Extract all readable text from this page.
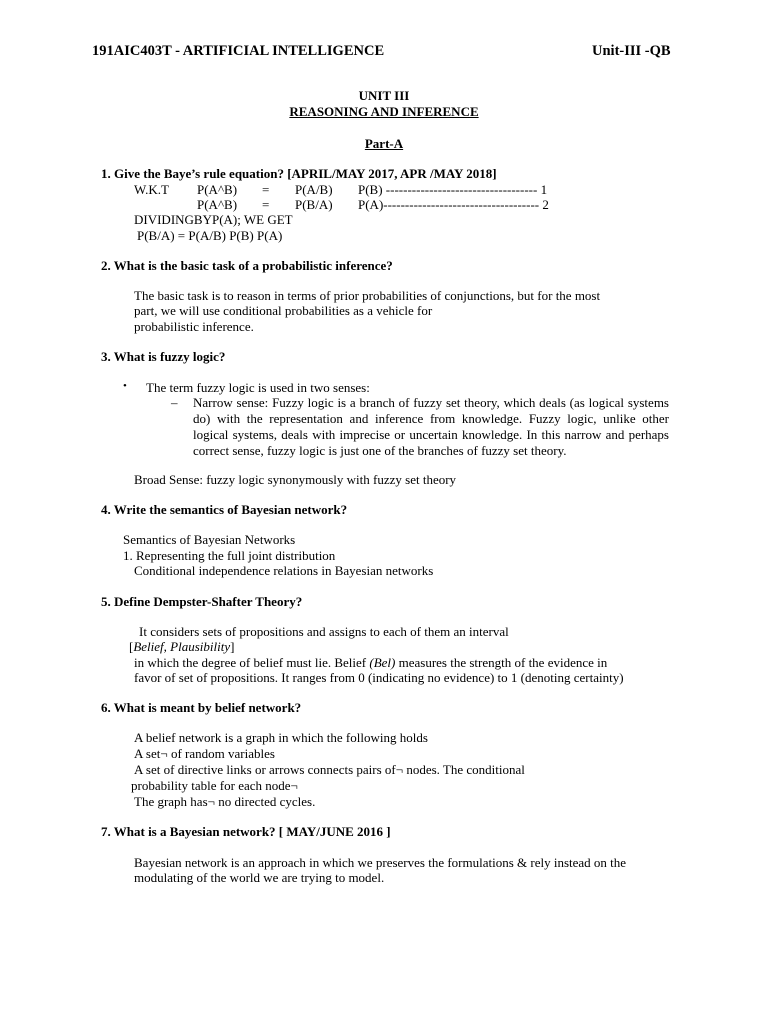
191AIC403T - ARTIFICIAL INTELLIGENCE	Unit-III -QB
UNIT III
REASONING AND INFERENCE
Part-A
1. Give the Baye’s rule equation? [APRIL/MAY 2017, APR /MAY 2018]
W.K.T P(A^B) = P(A/B) P(B) ----------------------------------- 1
P(A^B) = P(B/A) P(A)------------------------------------ 2
DIVIDINGBYP(A); WE GET
P(B/A) = P(A/B) P(B) P(A)
2. What is the basic task of a probabilistic inference?
The basic task is to reason in terms of prior probabilities of conjunctions, but for the most
part, we will use conditional probabilities as a vehicle for
probabilistic inference.
3. What is fuzzy logic?
• The term fuzzy logic is used in two senses:
– Narrow sense: Fuzzy logic is a branch of fuzzy set theory, which deals (as logical systems do) with the representation and inference from knowledge. Fuzzy logic, unlike other logical systems, deals with imprecise or uncertain knowledge. In this narrow and perhaps correct sense, fuzzy logic is just one of the branches of fuzzy set theory.
Broad Sense: fuzzy logic synonymously with fuzzy set theory
4. Write the semantics of Bayesian network?
Semantics of Bayesian Networks
1. Representing the full joint distribution
Conditional independence relations in Bayesian networks
5. Define Dempster-Shafter Theory?
It considers sets of propositions and assigns to each of them an interval
[Belief, Plausibility]
in which the degree of belief must lie. Belief (Bel) measures the strength of the evidence in
favor of set of propositions. It ranges from 0 (indicating no evidence) to 1 (denoting certainty)
6. What is meant by belief network?
A belief network is a graph in which the following holds
A set¬ of random variables
A set of directive links or arrows connects pairs of¬ nodes. The conditional
probability table for each node¬
The graph has¬ no directed cycles.
7. What is a Bayesian network? [ MAY/JUNE 2016 ]
Bayesian network is an approach in which we preserves the formulations & rely instead on the
modulating of the world we are trying to model.
